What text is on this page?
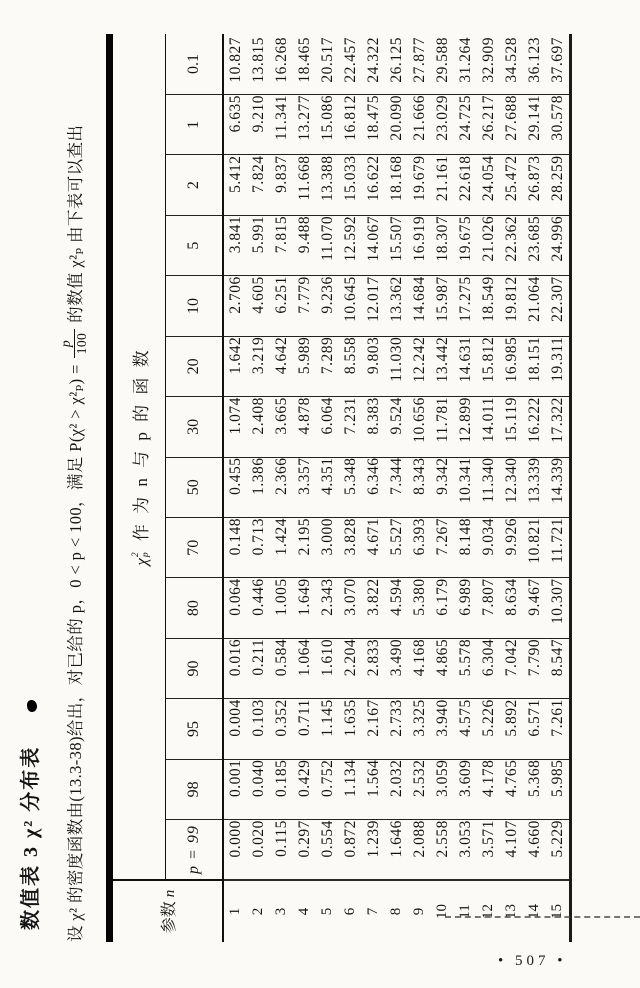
数值表 3 χ² 分布表 设 χ² 的密度函数由(13.3-38)给出，对已给的 p，0 < p < 100，满足 P(χ² > χ²ₚ) =
p 100
的数值 χ²ₚ 由下表可以查出
参数 n	χ
2 p
作 为 n 与 p 的 函 数													
	p = 99	98	95	90	80	70	50	30	20	10	5	2	1	0.1
1	0.000	0.001	0.004	0.016	0.064	0.148	0.455	1.074	1.642	2.706	3.841	5.412	6.635	10.827
2	0.020	0.040	0.103	0.211	0.446	0.713	1.386	2.408	3.219	4.605	5.991	7.824	9.210	13.815
3	0.115	0.185	0.352	0.584	1.005	1.424	2.366	3.665	4.642	6.251	7.815	9.837	11.341	16.268
4	0.297	0.429	0.711	1.064	1.649	2.195	3.357	4.878	5.989	7.779	9.488	11.668	13.277	18.465
5	0.554	0.752	1.145	1.610	2.343	3.000	4.351	6.064	7.289	9.236	11.070	13.388	15.086	20.517
6	0.872	1.134	1.635	2.204	3.070	3.828	5.348	7.231	8.558	10.645	12.592	15.033	16.812	22.457
7	1.239	1.564	2.167	2.833	3.822	4.671	6.346	8.383	9.803	12.017	14.067	16.622	18.475	24.322
8	1.646	2.032	2.733	3.490	4.594	5.527	7.344	9.524	11.030	13.362	15.507	18.168	20.090	26.125
9	2.088	2.532	3.325	4.168	5.380	6.393	8.343	10.656	12.242	14.684	16.919	19.679	21.666	27.877
10	2.558	3.059	3.940	4.865	6.179	7.267	9.342	11.781	13.442	15.987	18.307	21.161	23.029	29.588
11	3.053	3.609	4.575	5.578	6.989	8.148	10.341	12.899	14.631	17.275	19.675	22.618	24.725	31.264
12	3.571	4.178	5.226	6.304	7.807	9.034	11.340	14.011	15.812	18.549	21.026	24.054	26.217	32.909
13	4.107	4.765	5.892	7.042	8.634	9.926	12.340	15.119	16.985	19.812	22.362	25.472	27.688	34.528
14	4.660	5.368	6.571	7.790	9.467	10.821	13.339	16.222	18.151	21.064	23.685	26.873	29.141	36.123
15	5.229	5.985	7.261	8.547	10.307	11.721	14.339	17.322	19.311	22.307	24.996	28.259	30.578	37.697
• 507 •
